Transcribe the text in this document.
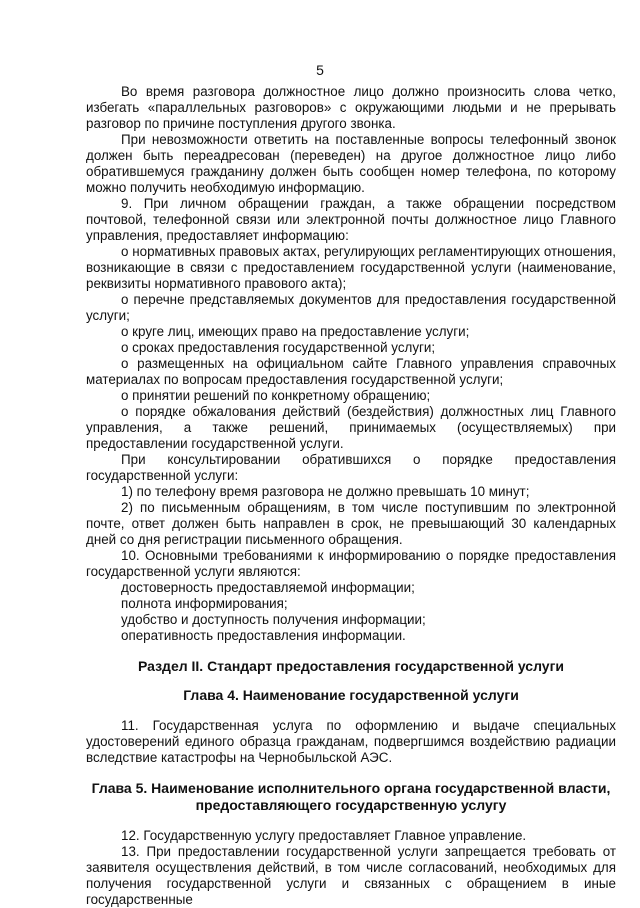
5

Во время разговора должностное лицо должно произносить слова четко, избегать «параллельных разговоров» с окружающими людьми и не прерывать разговор по причине поступления другого звонка.

При невозможности ответить на поставленные вопросы телефонный звонок должен быть переадресован (переведен) на другое должностное лицо либо обратившемуся гражданину должен быть сообщен номер телефона, по которому можно получить необходимую информацию.

9. При личном обращении граждан, а также обращении посредством почтовой, телефонной связи или электронной почты должностное лицо Главного управления, предоставляет информацию:

о нормативных правовых актах, регулирующих регламентирующих отношения, возникающие в связи с предоставлением государственной услуги (наименование, реквизиты нормативного правового акта);

о перечне представляемых документов для предоставления государственной услуги;

о круге лиц, имеющих право на предоставление услуги;

о сроках предоставления государственной услуги;

о размещенных на официальном сайте Главного управления справочных материалах по вопросам предоставления государственной услуги;

о принятии решений по конкретному обращению;

о порядке обжалования действий (бездействия) должностных лиц Главного управления, а также решений, принимаемых (осуществляемых) при предоставлении государственной услуги.

При консультировании обратившихся о порядке предоставления государственной услуги:

1) по телефону время разговора не должно превышать 10 минут;

2) по письменным обращениям, в том числе поступившим по электронной почте, ответ должен быть направлен в срок, не превышающий 30 календарных дней со дня регистрации письменного обращения.

10. Основными требованиями к информированию о порядке предоставления государственной услуги являются:

достоверность предоставляемой информации;

полнота информирования;

удобство и доступность получения информации;

оперативность предоставления информации.

Раздел II. Стандарт предоставления государственной услуги

Глава 4. Наименование государственной услуги

11. Государственная услуга по оформлению и выдаче специальных удостоверений единого образца гражданам, подвергшимся воздействию радиации вследствие катастрофы на Чернобыльской АЭС.

Глава 5. Наименование исполнительного органа государственной власти, предоставляющего государственную услугу

12. Государственную услугу предоставляет Главное управление.

13. При предоставлении государственной услуги запрещается требовать от заявителя осуществления действий, в том числе согласований, необходимых для получения государственной услуги и связанных с обращением в иные государственные
